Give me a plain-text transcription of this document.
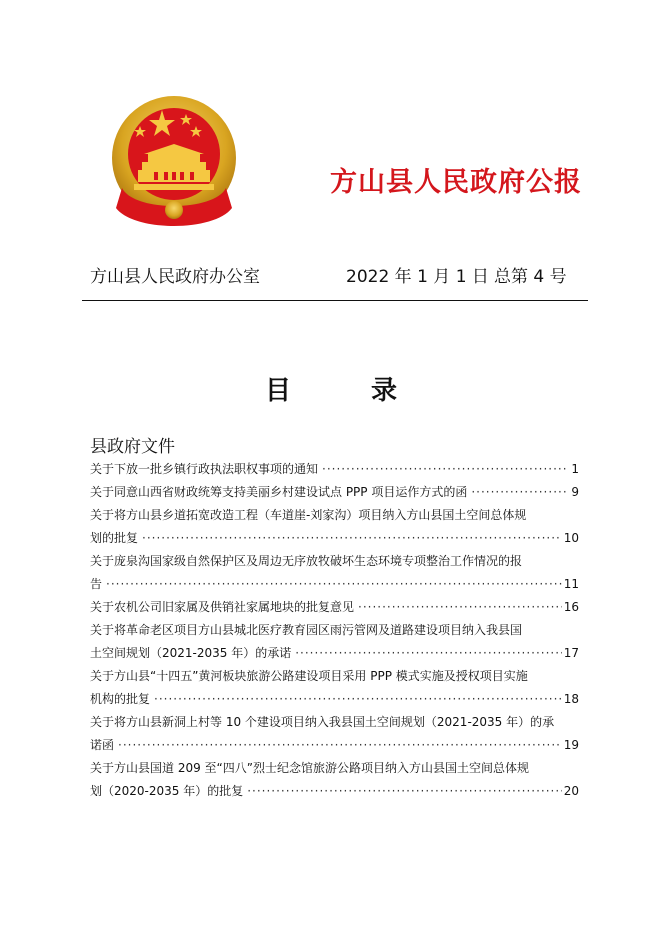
方山县人民政府公报
方山县人民政府办公室	2022 年 1 月 1 日 总第 4 号
目	录
县政府文件
关于下放一批乡镇行政执法职权事项的通知 ·····	1
关于同意山西省财政统筹支持美丽乡村建设试点 PPP 项目运作方式的函 ·····	9
关于将方山县乡道拓宽改造工程（车道崖-刘家沟）项目纳入方山县国土空间总体规
划的批复 ·····	10
关于庞泉沟国家级自然保护区及周边无序放牧破坏生态环境专项整治工作情况的报
告 ·····	11
关于农机公司旧家属及供销社家属地块的批复意见 ·····	16
关于将革命老区项目方山县城北医疗教育园区雨污管网及道路建设项目纳入我县国
土空间规划（2021-2035 年）的承诺 ·····	17
关于方山县“十四五”黄河板块旅游公路建设项目采用 PPP 模式实施及授权项目实施
机构的批复 ·····	18
关于将方山县新洞上村等 10 个建设项目纳入我县国土空间规划（2021-2035 年）的承
诺函 ·····	19
关于方山县国道 209 至“四八”烈士纪念馆旅游公路项目纳入方山县国土空间总体规
划（2020-2035 年）的批复 ·····	20
